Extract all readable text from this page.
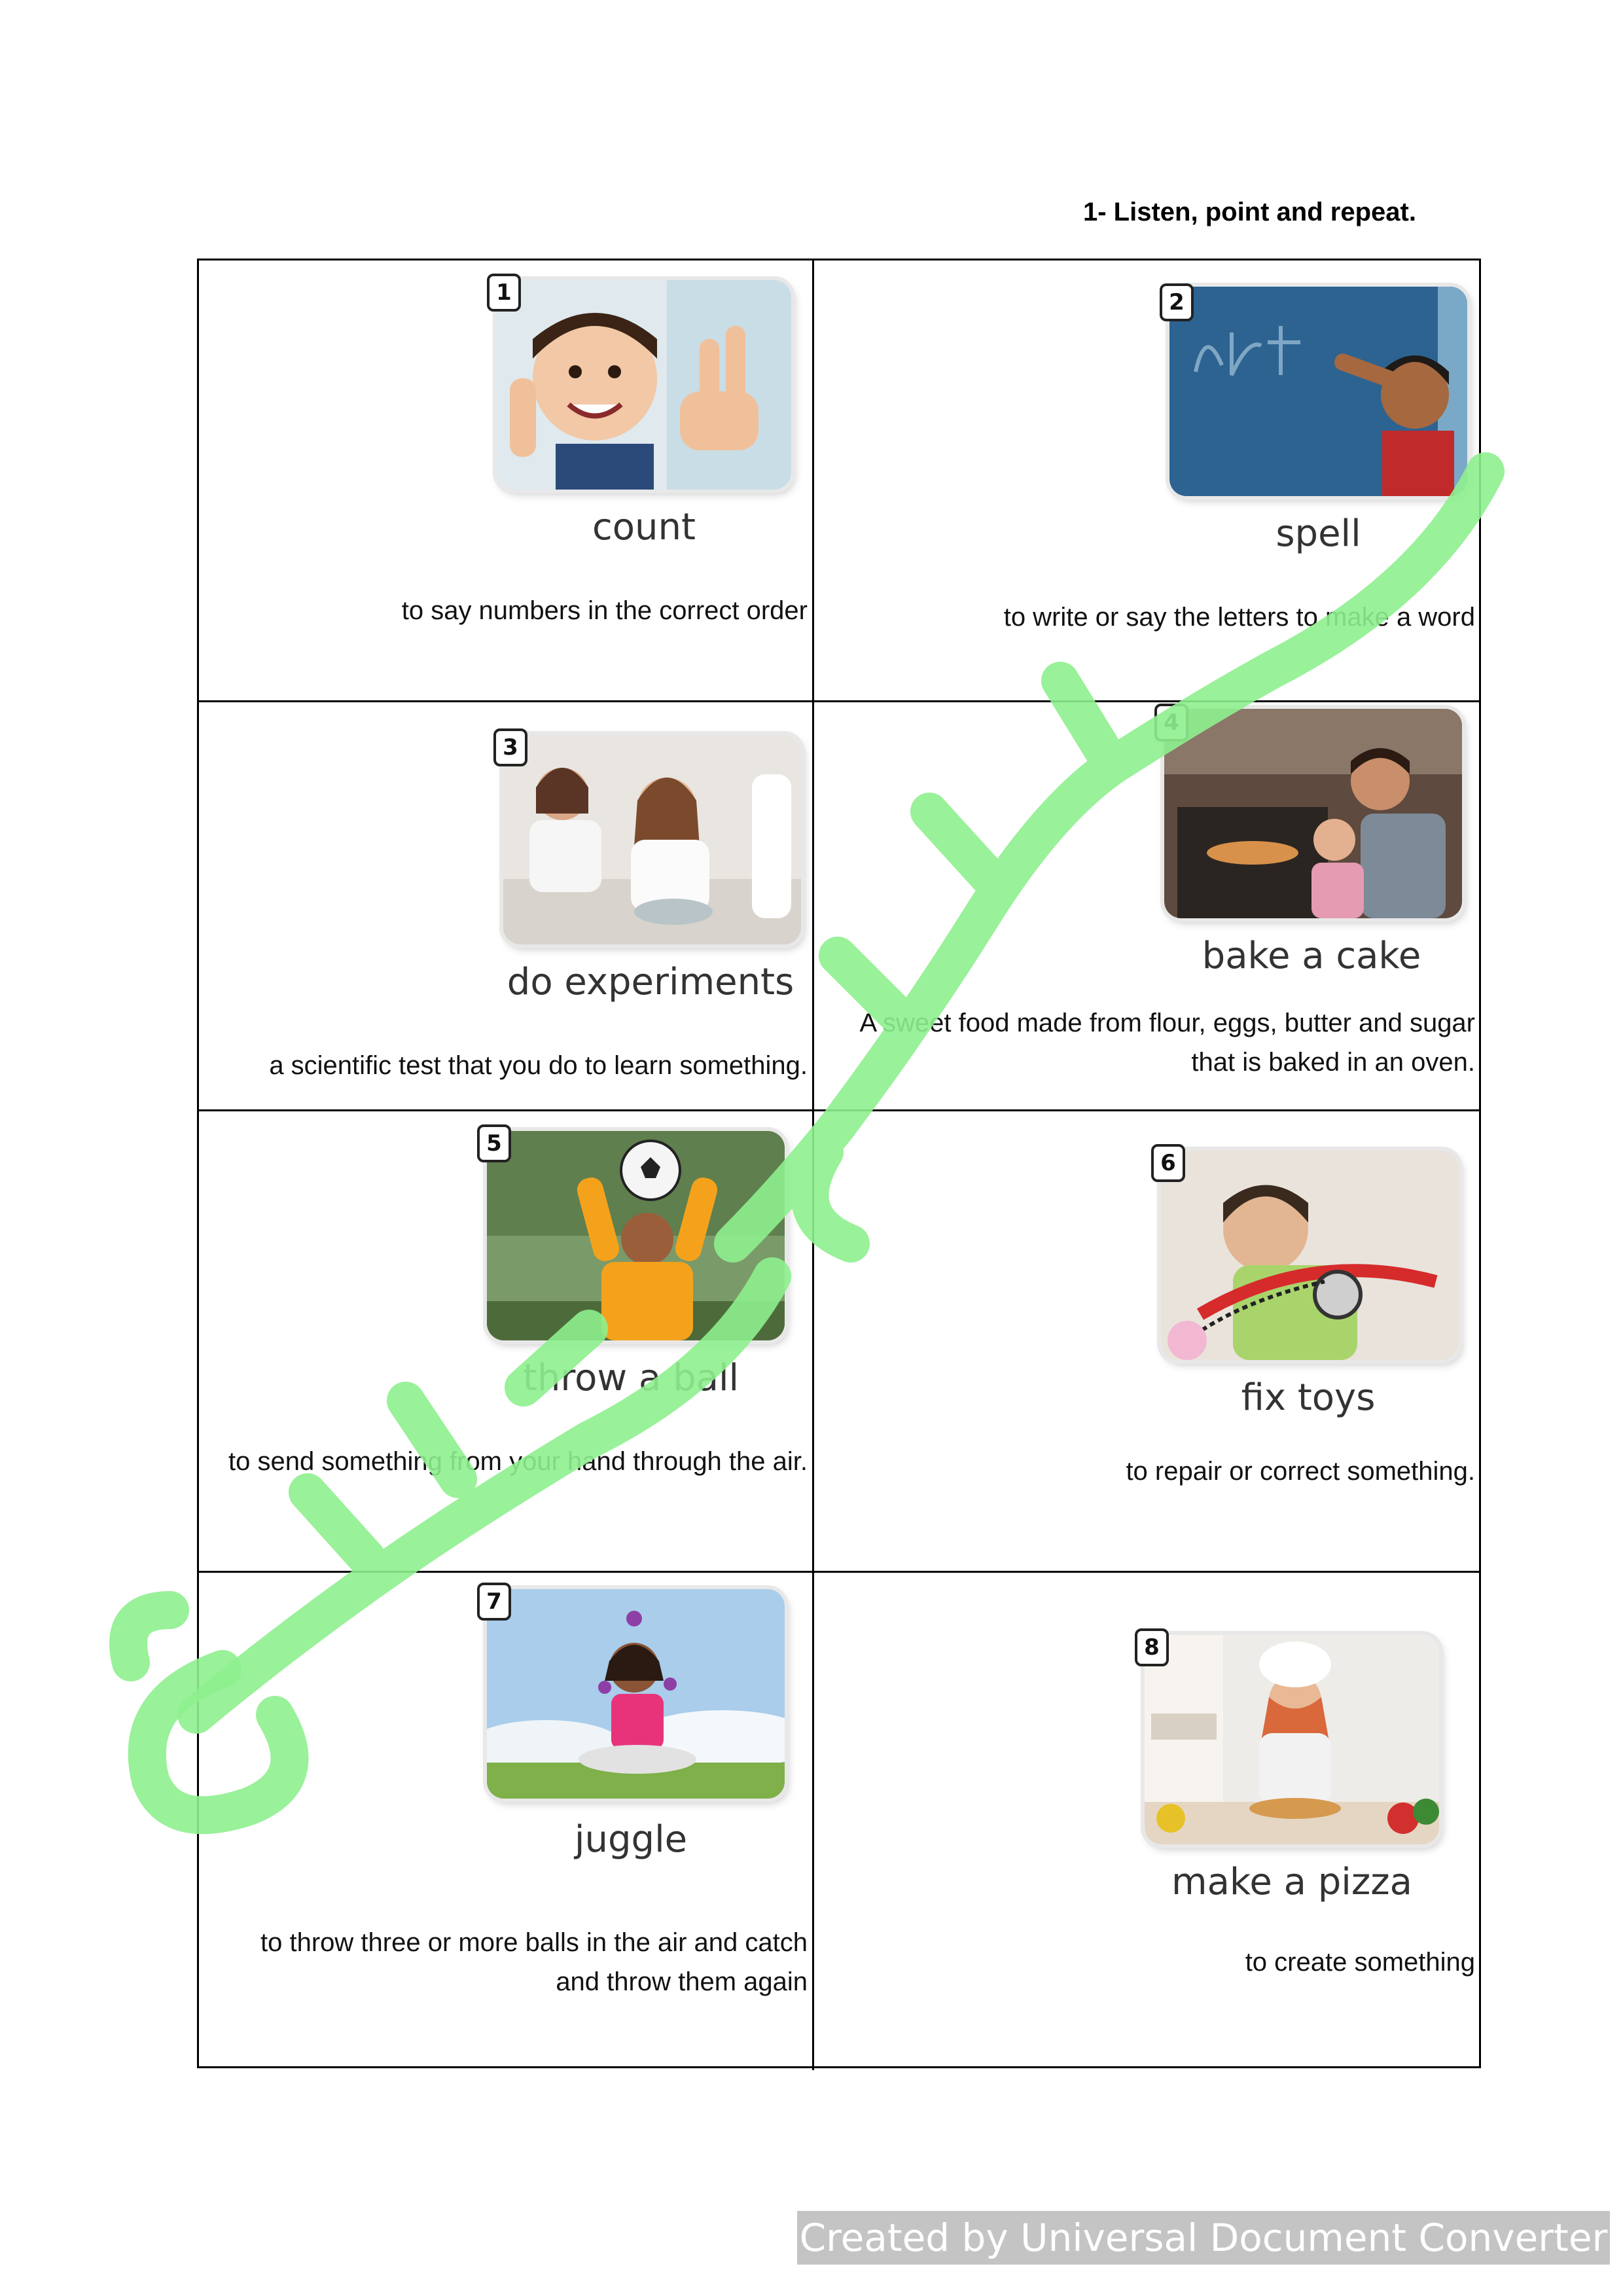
1- Listen, point and repeat.
1
count
to say numbers in the correct order
2
spell
to write or say the letters to make a word
3
do experiments
a scientific test that you do to learn something.
4
bake a cake
A sweet food made from flour, eggs, butter and sugar that is baked in an oven.
5
throw a ball
to send something from your hand through the air.
6
fix toys
to repair or correct something.
7
juggle
to throw three or more balls in the air and catch and throw them again
8
make a pizza
to create something
المعلمي الاكتر في الشامل
Created by Universal Document Converter
